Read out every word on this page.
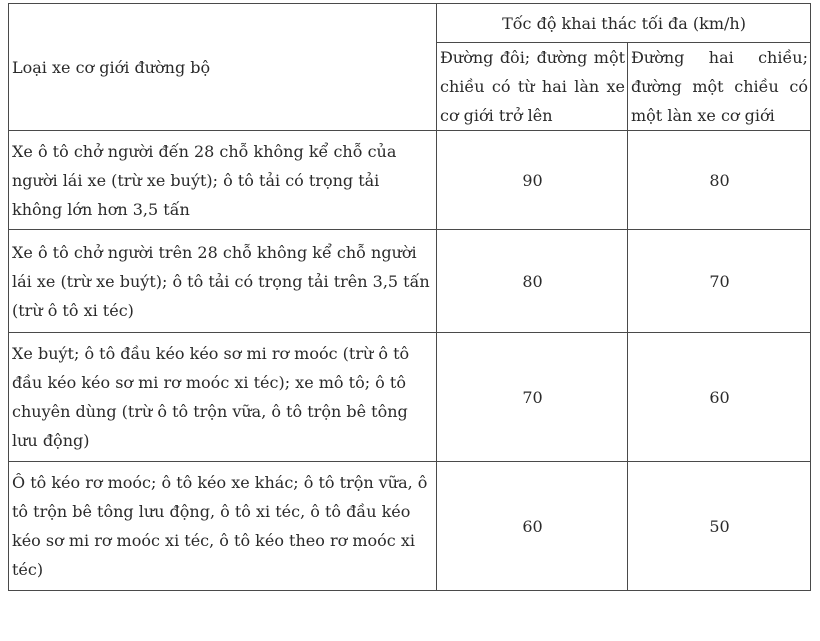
Loại xe cơ giới đường bộ	Tốc độ khai thác tối đa (km/h)	
	Đường đôi; đường một chiều có từ hai làn xe cơ giới trở lên	Đường hai chiều; đường một chiều có một làn xe cơ giới
Xe ô tô chở người đến 28 chỗ không kể chỗ của người lái xe (trừ xe buýt); ô tô tải có trọng tải không lớn hơn 3,5 tấn	90	80
Xe ô tô chở người trên 28 chỗ không kể chỗ người lái xe (trừ xe buýt); ô tô tải có trọng tải trên 3,5 tấn (trừ ô tô xi téc)	80	70
Xe buýt; ô tô đầu kéo kéo sơ mi rơ moóc (trừ ô tô đầu kéo kéo sơ mi rơ moóc xi téc); xe mô tô; ô tô chuyên dùng (trừ ô tô trộn vữa, ô tô trộn bê tông lưu động)	70	60
Ô tô kéo rơ moóc; ô tô kéo xe khác; ô tô trộn vữa, ô tô trộn bê tông lưu động, ô tô xi téc, ô tô đầu kéo kéo sơ mi rơ moóc xi téc, ô tô kéo theo rơ moóc xi téc)	60	50
